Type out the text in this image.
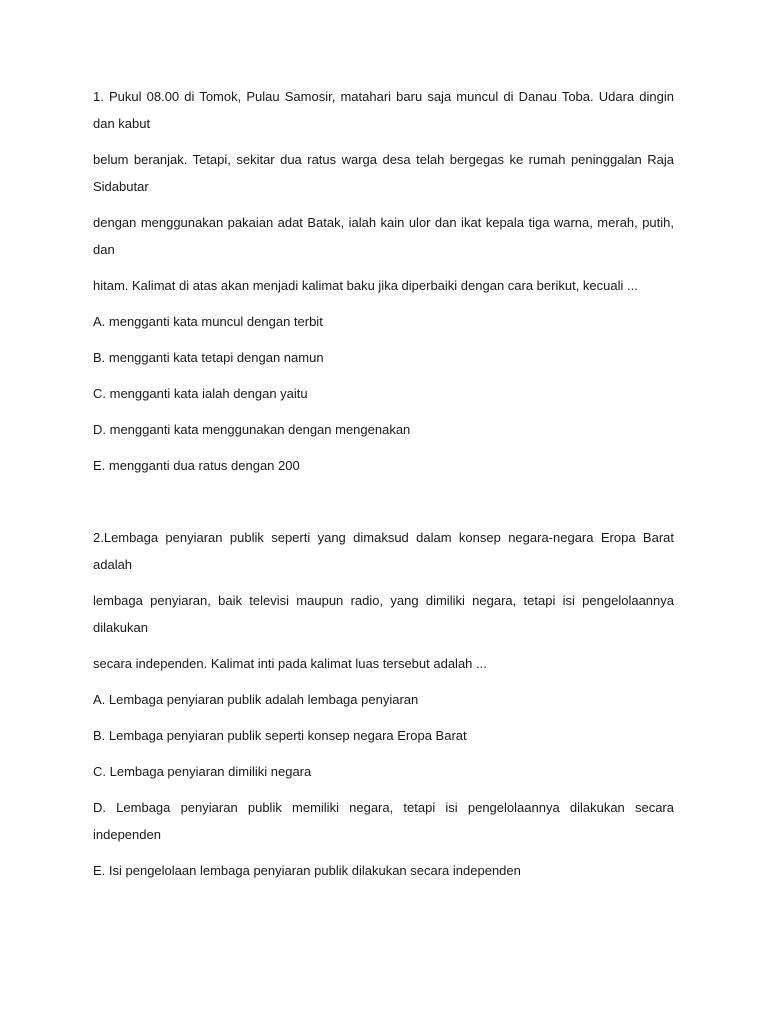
1. Pukul 08.00 di Tomok, Pulau Samosir, matahari baru saja muncul di Danau Toba. Udara dingin dan kabut

belum beranjak. Tetapi, sekitar dua ratus warga desa telah bergegas ke rumah peninggalan Raja Sidabutar

dengan menggunakan pakaian adat Batak, ialah kain ulor dan ikat kepala tiga warna, merah, putih, dan

hitam. Kalimat di atas akan menjadi kalimat baku jika diperbaiki dengan cara berikut, kecuali ...

A. mengganti kata muncul dengan terbit

B. mengganti kata tetapi dengan namun

C. mengganti kata ialah dengan yaitu

D. mengganti kata menggunakan dengan mengenakan

E. mengganti dua ratus dengan 200

2.Lembaga penyiaran publik seperti yang dimaksud dalam konsep negara-negara Eropa Barat adalah

lembaga penyiaran, baik televisi maupun radio, yang dimiliki negara, tetapi isi pengelolaannya dilakukan

secara independen. Kalimat inti pada kalimat luas tersebut adalah ...

A. Lembaga penyiaran publik adalah lembaga penyiaran

B. Lembaga penyiaran publik seperti konsep negara Eropa Barat

C. Lembaga penyiaran dimiliki negara

D. Lembaga penyiaran publik memiliki negara, tetapi isi pengelolaannya dilakukan secara independen

E. Isi pengelolaan lembaga penyiaran publik dilakukan secara independen
